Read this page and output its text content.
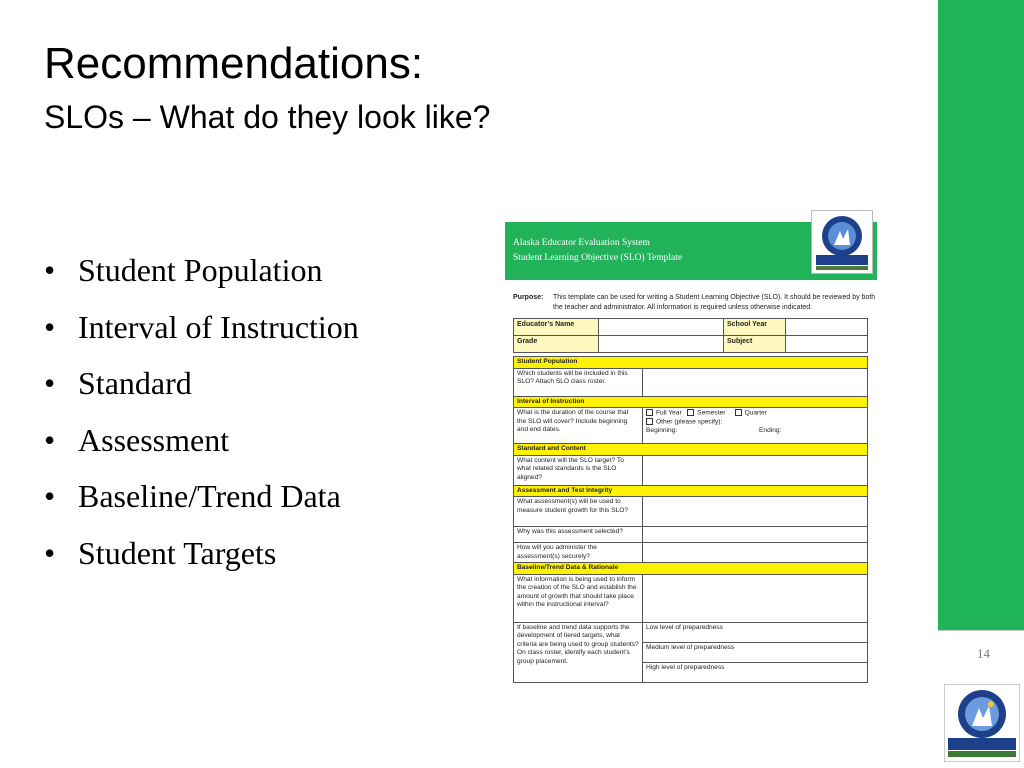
Recommendations:
SLOs – What do they look like?
• Student Population
• Interval of Instruction
• Standard
• Assessment
• Baseline/Trend Data
• Student Targets
Alaska Educator Evaluation System
Student Learning Objective (SLO) Template
Purpose: This template can be used for writing a Student Learning Objective (SLO). It should be reviewed by both the teacher and administrator. All information is required unless otherwise indicated.
Educator’s Name		School Year	
Grade		Subject	
Student Population	
Which students will be included in this SLO? Attach SLO class roster.	
Interval of Instruction	
What is the duration of the course that the SLO will cover? Include beginning and end dates.	Full Year Semester Quarter
Other (please specify):
Beginning: Ending:
Standard and Content	
What content will the SLO target? To what related standards is the SLO aligned?	
Assessment and Test Integrity	
What assessment(s) will be used to measure student growth for this SLO?	
Why was this assessment selected?	
How will you administer the assessment(s) securely?	
Baseline/Trend Data & Rationale	
What information is being used to inform the creation of the SLO and establish the amount of growth that should take place within the instructional interval?	
If baseline and trend data supports the development of tiered targets, what criteria are being used to group students? On class roster, identify each student’s group placement.	Low level of preparedness
	Medium level of preparedness
	High level of preparedness
14
